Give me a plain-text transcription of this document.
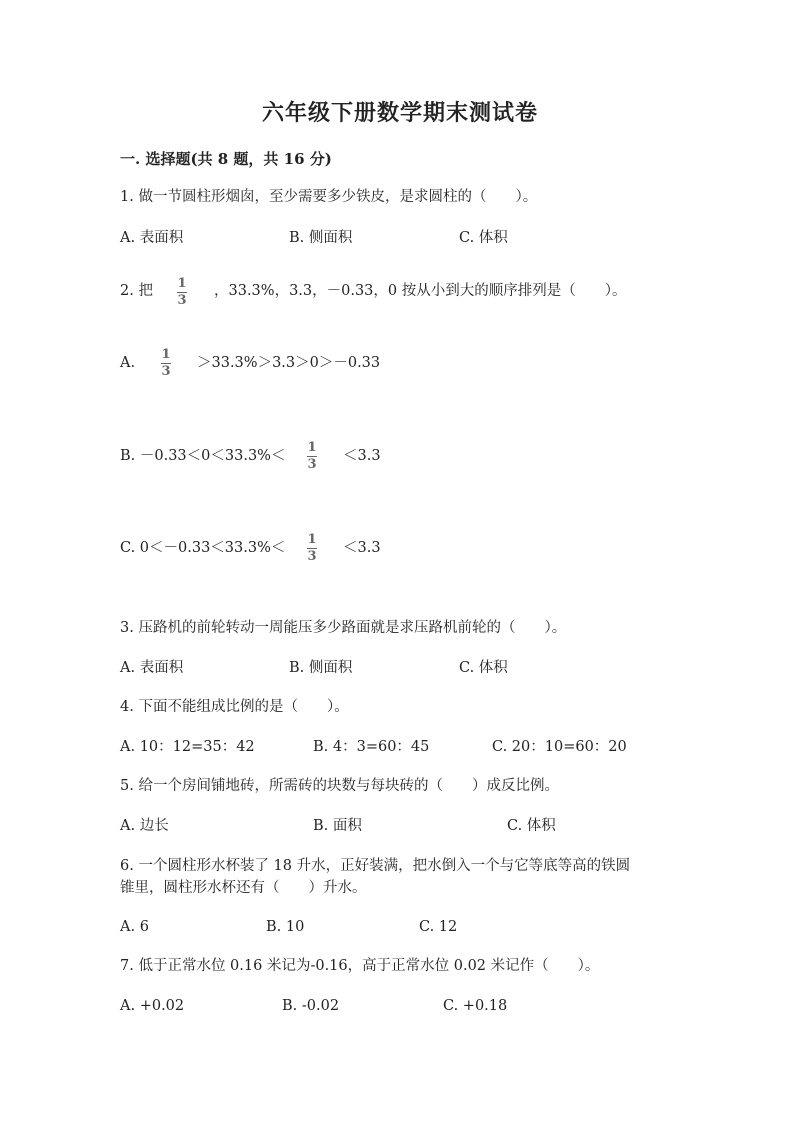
六年级下册数学期末测试卷
一. 选择题(共 8 题，共 16 分)
1. 做一节圆柱形烟囱，至少需要多少铁皮，是求圆柱的（　　）。
A. 表面积	B. 侧面积	C. 体积
2. 把 1
3
，33.3%，3.3，－0.33，0 按从小到大的顺序排列是（　　）。
A.
1
3
＞33.3%＞3.3＞0＞－0.33
B. －0.33＜0＜33.3%＜
1
3
＜3.3
C. 0＜－0.33＜33.3%＜
1
3
＜3.3
3. 压路机的前轮转动一周能压多少路面就是求压路机前轮的（　　）。
A. 表面积	B. 侧面积	C. 体积
4. 下面不能组成比例的是（　　）。
A. 10：12=35：42	B. 4：3=60：45	C. 20：10=60：20
5. 给一个房间铺地砖，所需砖的块数与每块砖的（　　）成反比例。
A. 边长	B. 面积	C. 体积
6. 一个圆柱形水杯装了 18 升水，正好装满，把水倒入一个与它等底等高的铁圆
锥里，圆柱形水杯还有（　　）升水。
A. 6	B. 10	C. 12
7. 低于正常水位 0.16 米记为-0.16，高于正常水位 0.02 米记作（　　）。
A. +0.02	B. -0.02	C. +0.18
